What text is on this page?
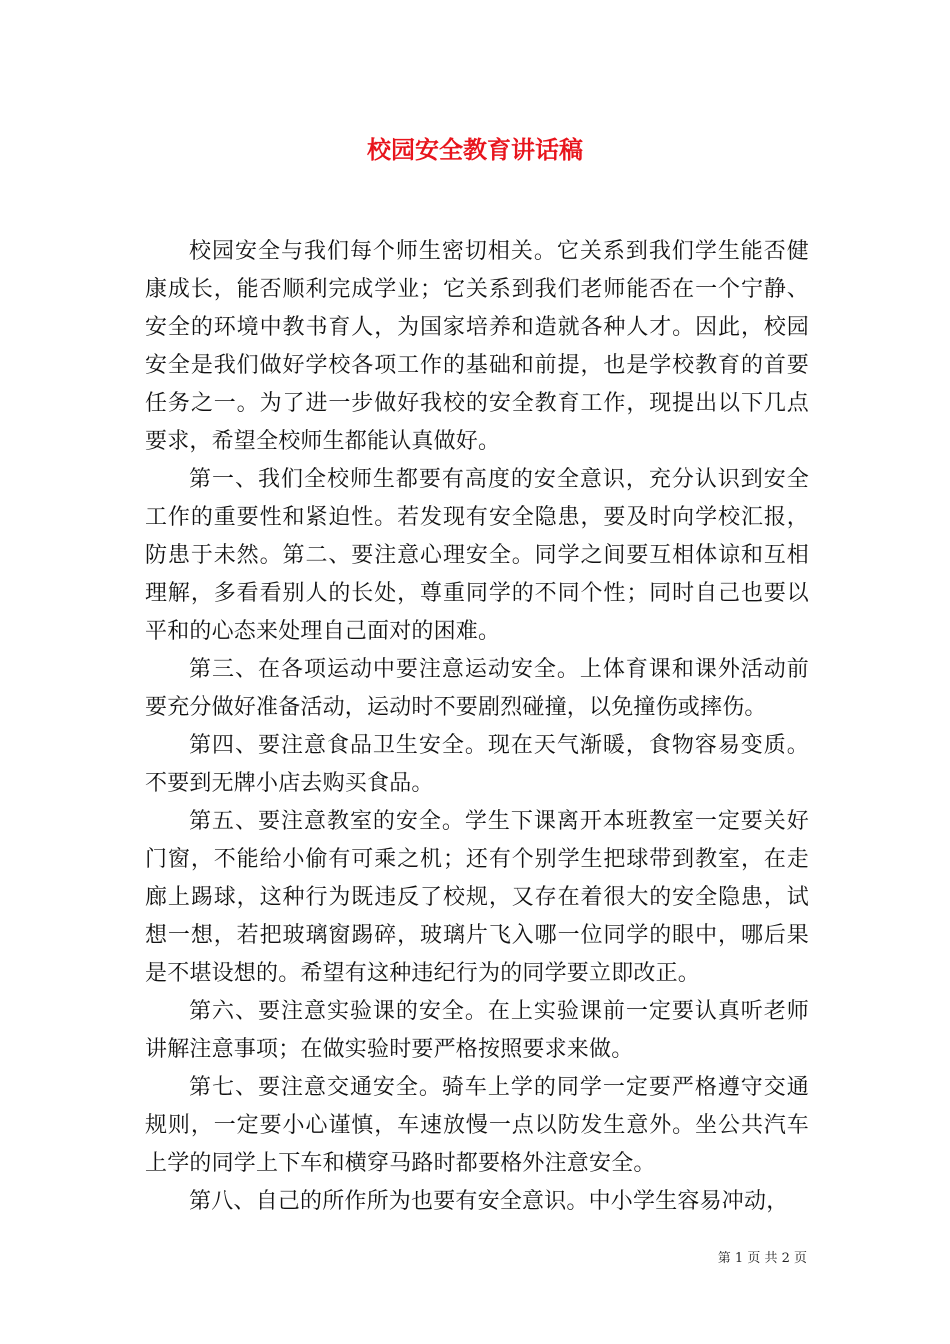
校园安全教育讲话稿

校园安全与我们每个师生密切相关。它关系到我们学生能否健康成长，能否顺利完成学业；它关系到我们老师能否在一个宁静、安全的环境中教书育人，为国家培养和造就各种人才。因此，校园安全是我们做好学校各项工作的基础和前提，也是学校教育的首要任务之一。为了进一步做好我校的安全教育工作，现提出以下几点要求，希望全校师生都能认真做好。

第一、我们全校师生都要有高度的安全意识，充分认识到安全工作的重要性和紧迫性。若发现有安全隐患，要及时向学校汇报，防患于未然。第二、要注意心理安全。同学之间要互相体谅和互相理解，多看看别人的长处，尊重同学的不同个性；同时自己也要以平和的心态来处理自己面对的困难。

第三、在各项运动中要注意运动安全。上体育课和课外活动前要充分做好准备活动，运动时不要剧烈碰撞，以免撞伤或摔伤。

第四、要注意食品卫生安全。现在天气渐暖，食物容易变质。不要到无牌小店去购买食品。

第五、要注意教室的安全。学生下课离开本班教室一定要关好门窗，不能给小偷有可乘之机；还有个别学生把球带到教室，在走廊上踢球，这种行为既违反了校规，又存在着很大的安全隐患，试想一想，若把玻璃窗踢碎，玻璃片飞入哪一位同学的眼中，哪后果是不堪设想的。希望有这种违纪行为的同学要立即改正。

第六、要注意实验课的安全。在上实验课前一定要认真听老师讲解注意事项；在做实验时要严格按照要求来做。

第七、要注意交通安全。骑车上学的同学一定要严格遵守交通规则，一定要小心谨慎，车速放慢一点以防发生意外。坐公共汽车上学的同学上下车和横穿马路时都要格外注意安全。

第八、自己的所作所为也要有安全意识。中小学生容易冲动，

第 1 页 共 2 页
